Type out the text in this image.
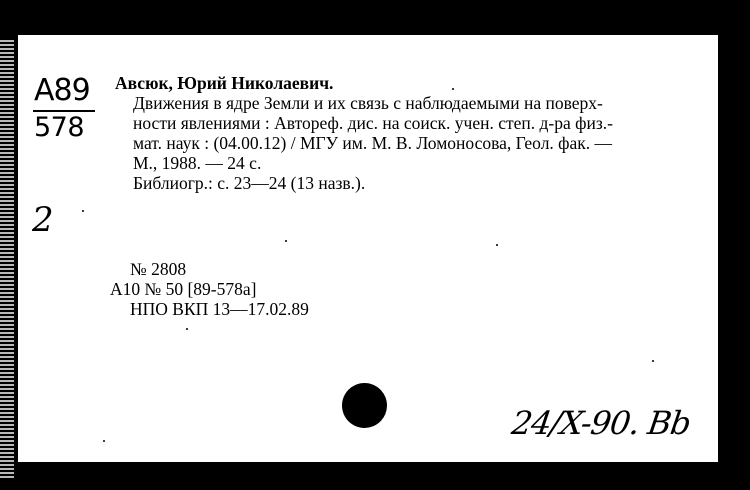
A89
578
Авсюк, Юрий Николаевич.
Движения в ядре Земли и их связь с наблюдаемыми на поверх-
ности явлениями : Автореф. дис. на соиск. учен. степ. д-ра физ.-
мат. наук : (04.00.12) / МГУ им. М. В. Ломоносова, Геол. фак. —
М., 1988. — 24 с.
Библиогр.: с. 23—24 (13 назв.).
2
№ 2808
А10 № 50 [89-578а]
НПО ВКП 13—17.02.89
24/X-90. Bb
